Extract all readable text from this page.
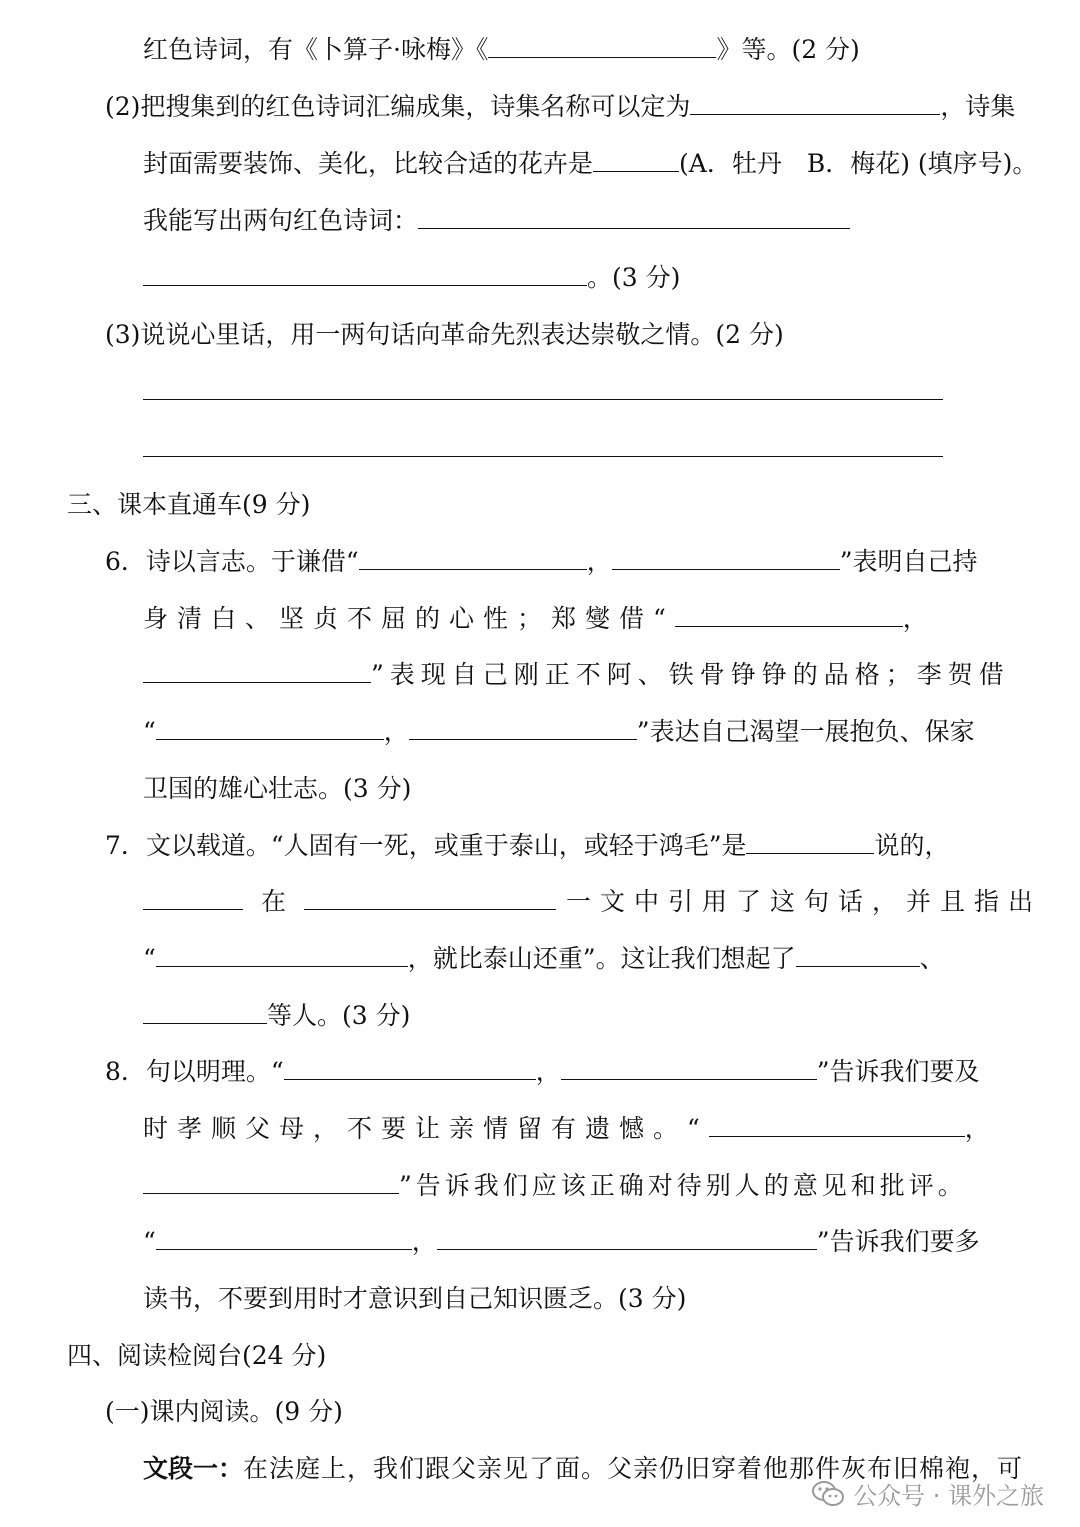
红色诗词，有《卜算子·咏梅》《	》等。(2 分)
(2)把搜集到的红色诗词汇编成集，诗集名称可以定为	，诗集
封面需要装饰、美化，比较合适的花卉是	(A．牡丹　B．梅花) (填序号)。
我能写出两句红色诗词：
。(3 分)
(3)说说心里话，用一两句话向革命先烈表达崇敬之情。(2 分)
三、课本直通车(9 分)
6．诗以言志。于谦借“	，	”表明自己持
身清白、坚贞不屈的心性；郑燮借“	，
”表现自己刚正不阿、铁骨铮铮的品格；李贺借
“	，	”表达自己渴望一展抱负、保家
卫国的雄心壮志。(3 分)
7．文以载道。“人固有一死，或重于泰山，或轻于鸿毛”是	说的，
在	一文中引用了这句话，并且指出
“	，就比泰山还重”。这让我们想起了	、
等人。(3 分)
8．句以明理。“	，	”告诉我们要及
时孝顺父母，不要让亲情留有遗憾。“	，
”告诉我们应该正确对待别人的意见和批评。
“	，	”告诉我们要多
读书，不要到用时才意识到自己知识匮乏。(3 分)
四、阅读检阅台(24 分)
(一)课内阅读。(9 分)
文段一：在法庭上，我们跟父亲见了面。父亲仍旧穿着他那件灰布旧棉袍，可
公众号 · 课外之旅
